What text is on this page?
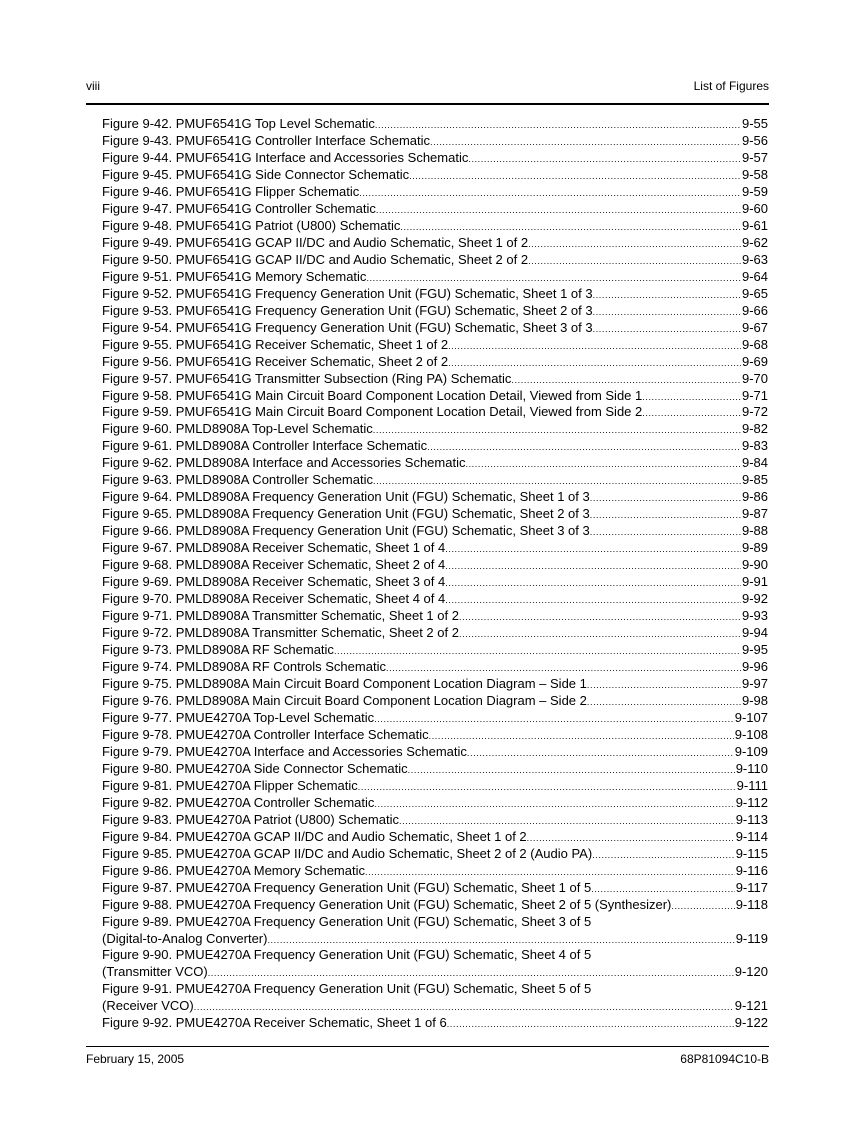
viii	List of Figures
Figure 9-42. PMUF6541G Top Level Schematic .....	9-55
Figure 9-43. PMUF6541G Controller Interface Schematic .....	9-56
Figure 9-44. PMUF6541G Interface and Accessories Schematic .....	9-57
Figure 9-45. PMUF6541G Side Connector Schematic .....	9-58
Figure 9-46. PMUF6541G Flipper Schematic .....	9-59
Figure 9-47. PMUF6541G Controller Schematic .....	9-60
Figure 9-48. PMUF6541G Patriot (U800) Schematic .....	9-61
Figure 9-49. PMUF6541G GCAP II/DC and Audio Schematic, Sheet 1 of 2 .....	9-62
Figure 9-50. PMUF6541G GCAP II/DC and Audio Schematic, Sheet 2 of 2 .....	9-63
Figure 9-51. PMUF6541G Memory Schematic .....	9-64
Figure 9-52. PMUF6541G Frequency Generation Unit (FGU) Schematic, Sheet 1 of 3 .....	9-65
Figure 9-53. PMUF6541G Frequency Generation Unit (FGU) Schematic, Sheet 2 of 3 .....	9-66
Figure 9-54. PMUF6541G Frequency Generation Unit (FGU) Schematic, Sheet 3 of 3 .....	9-67
Figure 9-55. PMUF6541G Receiver Schematic, Sheet 1 of 2 .....	9-68
Figure 9-56. PMUF6541G Receiver Schematic, Sheet 2 of 2 .....	9-69
Figure 9-57. PMUF6541G Transmitter Subsection (Ring PA) Schematic .....	9-70
Figure 9-58. PMUF6541G Main Circuit Board Component Location Detail, Viewed from Side 1 .....	9-71
Figure 9-59. PMUF6541G Main Circuit Board Component Location Detail, Viewed from Side 2 .....	9-72
Figure 9-60. PMLD8908A Top-Level Schematic .....	9-82
Figure 9-61. PMLD8908A Controller Interface Schematic .....	9-83
Figure 9-62. PMLD8908A Interface and Accessories Schematic .....	9-84
Figure 9-63. PMLD8908A Controller Schematic .....	9-85
Figure 9-64. PMLD8908A Frequency Generation Unit (FGU) Schematic, Sheet 1 of 3 .....	9-86
Figure 9-65. PMLD8908A Frequency Generation Unit (FGU) Schematic, Sheet 2 of 3 .....	9-87
Figure 9-66. PMLD8908A Frequency Generation Unit (FGU) Schematic, Sheet 3 of 3 .....	9-88
Figure 9-67. PMLD8908A Receiver Schematic, Sheet 1 of 4 .....	9-89
Figure 9-68. PMLD8908A Receiver Schematic, Sheet 2 of 4 .....	9-90
Figure 9-69. PMLD8908A Receiver Schematic, Sheet 3 of 4 .....	9-91
Figure 9-70. PMLD8908A Receiver Schematic, Sheet 4 of 4 .....	9-92
Figure 9-71. PMLD8908A Transmitter Schematic, Sheet 1 of 2 .....	9-93
Figure 9-72. PMLD8908A Transmitter Schematic, Sheet 2 of 2 .....	9-94
Figure 9-73. PMLD8908A RF Schematic .....	9-95
Figure 9-74. PMLD8908A RF Controls Schematic .....	9-96
Figure 9-75. PMLD8908A Main Circuit Board Component Location Diagram – Side 1 .....	9-97
Figure 9-76. PMLD8908A Main Circuit Board Component Location Diagram – Side 2 .....	9-98
Figure 9-77. PMUE4270A Top-Level Schematic .....	9-107
Figure 9-78. PMUE4270A Controller Interface Schematic .....	9-108
Figure 9-79. PMUE4270A Interface and Accessories Schematic .....	9-109
Figure 9-80. PMUE4270A Side Connector Schematic .....	9-110
Figure 9-81. PMUE4270A Flipper Schematic .....	9-111
Figure 9-82. PMUE4270A Controller Schematic .....	9-112
Figure 9-83. PMUE4270A Patriot (U800) Schematic .....	9-113
Figure 9-84. PMUE4270A GCAP II/DC and Audio Schematic, Sheet 1 of 2 .....	9-114
Figure 9-85. PMUE4270A GCAP II/DC and Audio Schematic, Sheet 2 of 2 (Audio PA) .....	9-115
Figure 9-86. PMUE4270A Memory Schematic .....	9-116
Figure 9-87. PMUE4270A Frequency Generation Unit (FGU) Schematic, Sheet 1 of 5 .....	9-117
Figure 9-88. PMUE4270A Frequency Generation Unit (FGU) Schematic, Sheet 2 of 5 (Synthesizer) .....	9-118
Figure 9-89. PMUE4270A Frequency Generation Unit (FGU) Schematic, Sheet 3 of 5
(Digital-to-Analog Converter) .....	9-119
Figure 9-90. PMUE4270A Frequency Generation Unit (FGU) Schematic, Sheet 4 of 5
(Transmitter VCO) .....	9-120
Figure 9-91. PMUE4270A Frequency Generation Unit (FGU) Schematic, Sheet 5 of 5
(Receiver VCO) .....	9-121
Figure 9-92. PMUE4270A Receiver Schematic, Sheet 1 of 6 .....	9-122
February 15, 2005	68P81094C10-B
